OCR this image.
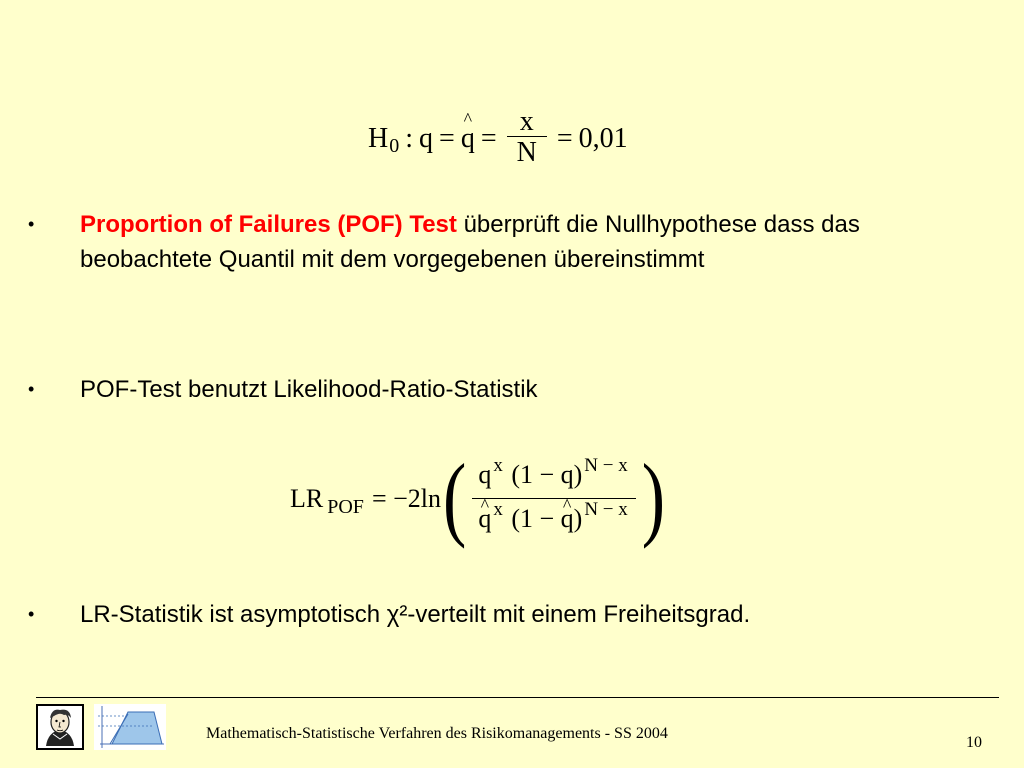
H 0 : q =
^ $q = \frac{x}{N} = 0,01$
• Proportion of Failures (POF) Test überprüft die Nullhypothese dass das beobachtete Quantil mit dem vorgegebenen übereinstimmt
• POF-Test benutzt Likelihood-Ratio-Statistik
LR POF = −2ln ( q $^x$ (1 − q) $^{N - x}$
^ q $^x$ (1 − ^ q) $^{N - x}$ )
• LR-Statistik ist asymptotisch χ²-verteilt mit einem Freiheitsgrad.
Mathematisch-Statistische Verfahren des Risikomanagements - SS 2004
10
